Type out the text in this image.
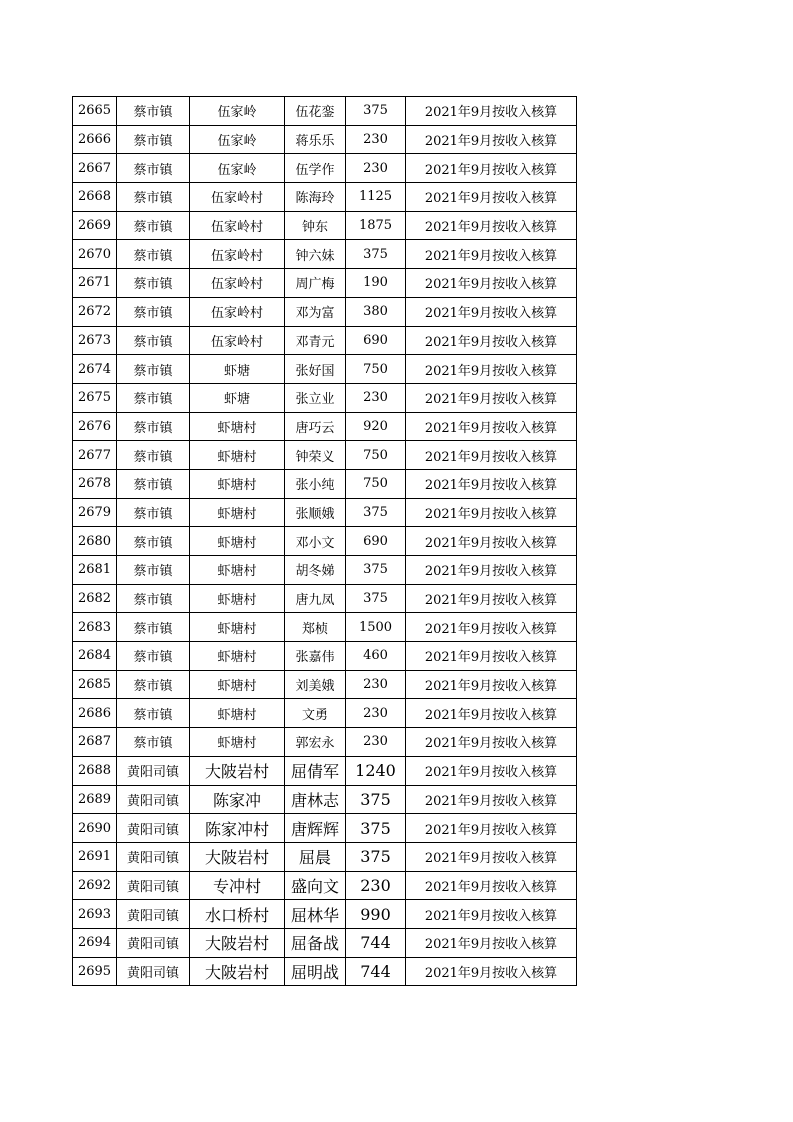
2665	蔡市镇	伍家岭	伍花銮	375	2021年9月按收入核算
2666	蔡市镇	伍家岭	蒋乐乐	230	2021年9月按收入核算
2667	蔡市镇	伍家岭	伍学作	230	2021年9月按收入核算
2668	蔡市镇	伍家岭村	陈海玲	1125	2021年9月按收入核算
2669	蔡市镇	伍家岭村	钟东	1875	2021年9月按收入核算
2670	蔡市镇	伍家岭村	钟六妹	375	2021年9月按收入核算
2671	蔡市镇	伍家岭村	周广梅	190	2021年9月按收入核算
2672	蔡市镇	伍家岭村	邓为富	380	2021年9月按收入核算
2673	蔡市镇	伍家岭村	邓青元	690	2021年9月按收入核算
2674	蔡市镇	虾塘	张好国	750	2021年9月按收入核算
2675	蔡市镇	虾塘	张立业	230	2021年9月按收入核算
2676	蔡市镇	虾塘村	唐巧云	920	2021年9月按收入核算
2677	蔡市镇	虾塘村	钟荣义	750	2021年9月按收入核算
2678	蔡市镇	虾塘村	张小纯	750	2021年9月按收入核算
2679	蔡市镇	虾塘村	张顺娥	375	2021年9月按收入核算
2680	蔡市镇	虾塘村	邓小文	690	2021年9月按收入核算
2681	蔡市镇	虾塘村	胡冬娣	375	2021年9月按收入核算
2682	蔡市镇	虾塘村	唐九凤	375	2021年9月按收入核算
2683	蔡市镇	虾塘村	郑桢	1500	2021年9月按收入核算
2684	蔡市镇	虾塘村	张嘉伟	460	2021年9月按收入核算
2685	蔡市镇	虾塘村	刘美娥	230	2021年9月按收入核算
2686	蔡市镇	虾塘村	文勇	230	2021年9月按收入核算
2687	蔡市镇	虾塘村	郭宏永	230	2021年9月按收入核算
2688	黄阳司镇	大陂岩村	屈倩军	1240	2021年9月按收入核算
2689	黄阳司镇	陈家冲	唐林志	375	2021年9月按收入核算
2690	黄阳司镇	陈家冲村	唐辉辉	375	2021年9月按收入核算
2691	黄阳司镇	大陂岩村	屈晨	375	2021年9月按收入核算
2692	黄阳司镇	专冲村	盛向文	230	2021年9月按收入核算
2693	黄阳司镇	水口桥村	屈林华	990	2021年9月按收入核算
2694	黄阳司镇	大陂岩村	屈备战	744	2021年9月按收入核算
2695	黄阳司镇	大陂岩村	屈明战	744	2021年9月按收入核算
